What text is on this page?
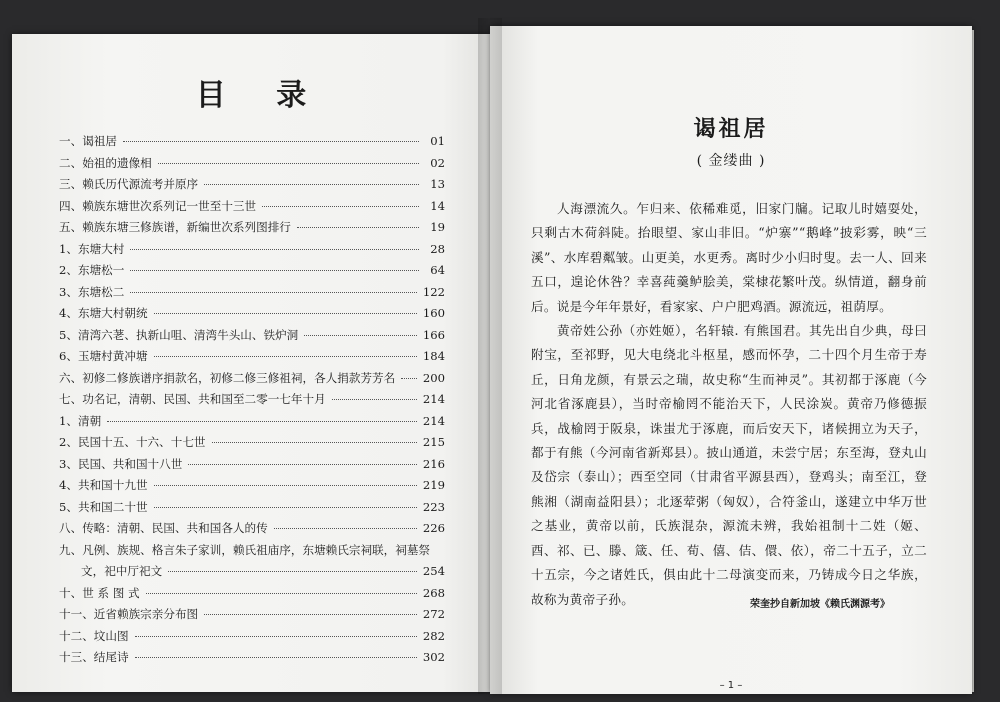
目 录
一、谒祖居	01
二、始祖的遗像相	02
三、赖氏历代源流考并原序	13
四、赖族东塘世次系列记一世至十三世	14
五、赖族东塘三修族谱，新编世次系列图排行	19
1、东塘大村	28
2、东塘松一	64
3、东塘松二	122
4、东塘大村朝统	160
5、清湾六荖、执新山咀、清湾牛头山、铁炉洞	166
6、玉塘村黄冲塘	184
六、初修二修族谱序捐款名，初修二修三修祖祠，各人捐款芳芳名 200
七、功名记，清朝、民国、共和国至二零一七年十月	214
1、清朝	214
2、民国十五、十六、十七世	215
3、民国、共和国十八世	216
4、共和国十九世	219
5、共和国二十世	223
八、传略：清朝、民国、共和国各人的传	226
九、凡例、族规、格言朱子家训，赖氏祖庙序，东塘赖氏宗祠联，祠墓祭
文，祀中厅祀文	254
十、世 系 图 式	268
十一、近省赖族宗亲分布图	272
十二、坟山图	282
十三、结尾诗	302
谒祖居
( 金缕曲 )

人海漂流久。乍归来、依稀难觅，旧家门牖。记取儿时嬉耍处，只剩古木荷斜陡。抬眼望、家山非旧。“炉寨”“鹅峰”披彩雾，映“三溪”、水库碧粼皱。山更美，水更秀。离时少小归时叟。去一人、回来五口，遑论休咎？幸喜莼羹鲈脍美，棠棣花繁叶茂。纵情道，翻身前后。说是今年年景好，看家家、户户肥鸡酒。源流远，祖荫厚。

黄帝姓公孙（亦姓姬），名轩辕. 有熊国君。其先出自少典，母曰附宝，至祁野，见大电绕北斗枢星，感而怀孕，二十四个月生帝于寿丘，日角龙颜，有景云之瑞，故史称“生而神灵”。其初都于涿鹿（今河北省涿鹿县），当时帝榆罔不能治天下，人民涂炭。黄帝乃修德振兵，战榆罔于阪泉，诛蚩尤于涿鹿，而后安天下，诸候拥立为天子，都于有熊（今河南省新郑县）。披山通道，未尝宁居；东至海，登丸山及岱宗（泰山）；西至空同（甘肃省平源县西），登鸡头；南至江，登熊湘（湖南益阳县）；北逐荤粥（匈奴），合符釜山，遂建立中华万世之基业，黄帝以前，氏族混杂，源流未辨，我始祖制十二姓（姬、酉、祁、已、滕、箴、任、荀、僖、佶、儇、依），帝二十五子，立二十五宗，今之诸姓氏，俱由此十二母演变而来，乃铸成今日之华族，故称为黄帝子孙。	荣奎抄自新加坡《赖氏渊源考》
– 1 –
